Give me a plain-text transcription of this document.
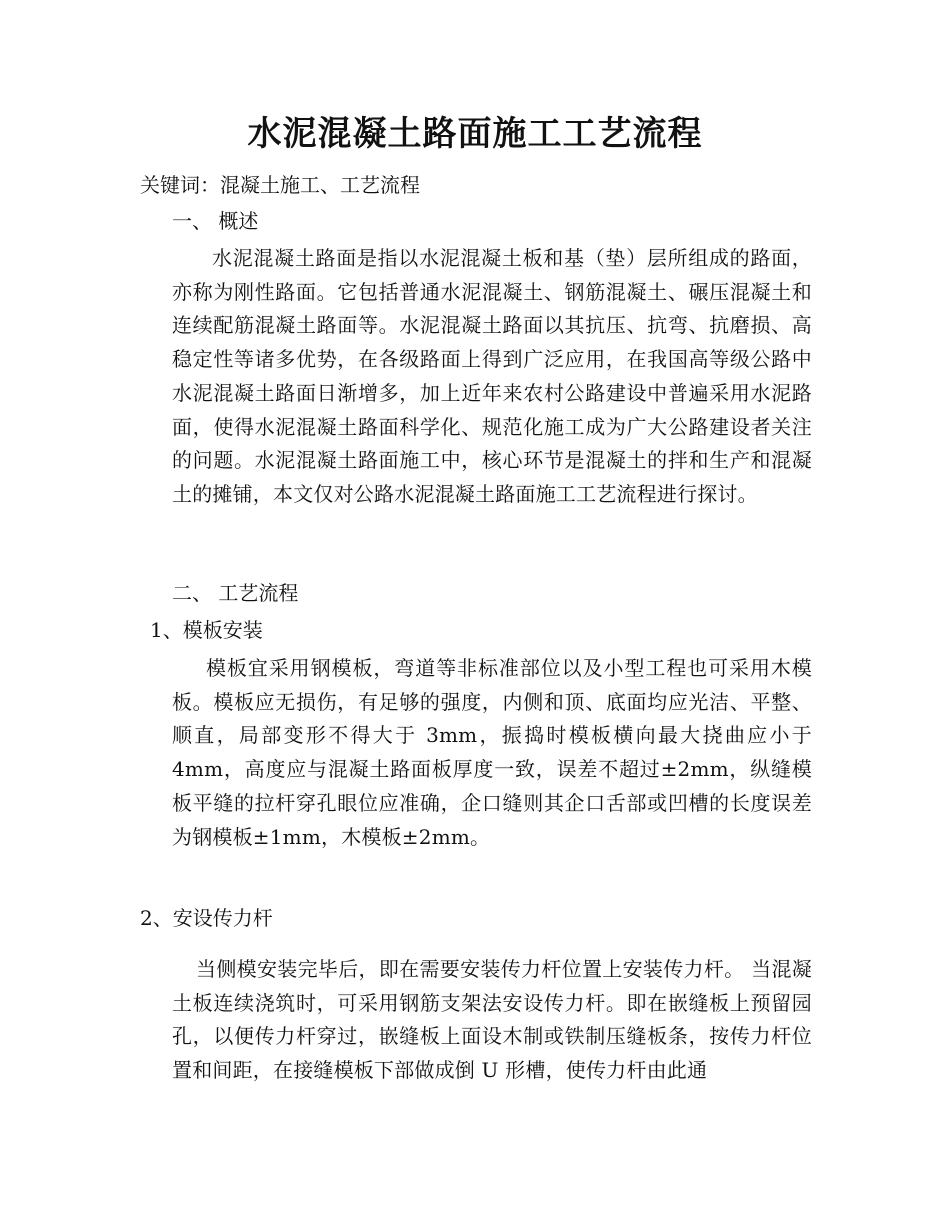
水泥混凝土路面施工工艺流程
关键词：混凝土施工、工艺流程
一、 概述
水泥混凝土路面是指以水泥混凝土板和基（垫）层所组成的路面，亦称为刚性路面。它包括普通水泥混凝土、钢筋混凝土、碾压混凝土和连续配筋混凝土路面等。水泥混凝土路面以其抗压、抗弯、抗磨损、高稳定性等诸多优势，在各级路面上得到广泛应用，在我国高等级公路中水泥混凝土路面日渐增多，加上近年来农村公路建设中普遍采用水泥路面，使得水泥混凝土路面科学化、规范化施工成为广大公路建设者关注的问题。水泥混凝土路面施工中，核心环节是混凝土的拌和生产和混凝土的摊铺，本文仅对公路水泥混凝土路面施工工艺流程进行探讨。
二、 工艺流程
1、模板安装
模板宜采用钢模板，弯道等非标准部位以及小型工程也可采用木模板。模板应无损伤，有足够的强度，内侧和顶、底面均应光洁、平整、顺直，局部变形不得大于 3mm，振捣时模板横向最大挠曲应小于 4mm，高度应与混凝土路面板厚度一致，误差不超过±2mm，纵缝模板平缝的拉杆穿孔眼位应准确，企口缝则其企口舌部或凹槽的长度误差为钢模板±1mm，木模板±2mm。
2、安设传力杆
当侧模安装完毕后，即在需要安装传力杆位置上安装传力杆。 当混凝土板连续浇筑时，可采用钢筋支架法安设传力杆。即在嵌缝板上预留园孔，以便传力杆穿过，嵌缝板上面设木制或铁制压缝板条，按传力杆位置和间距，在接缝模板下部做成倒 U 形槽，使传力杆由此通
